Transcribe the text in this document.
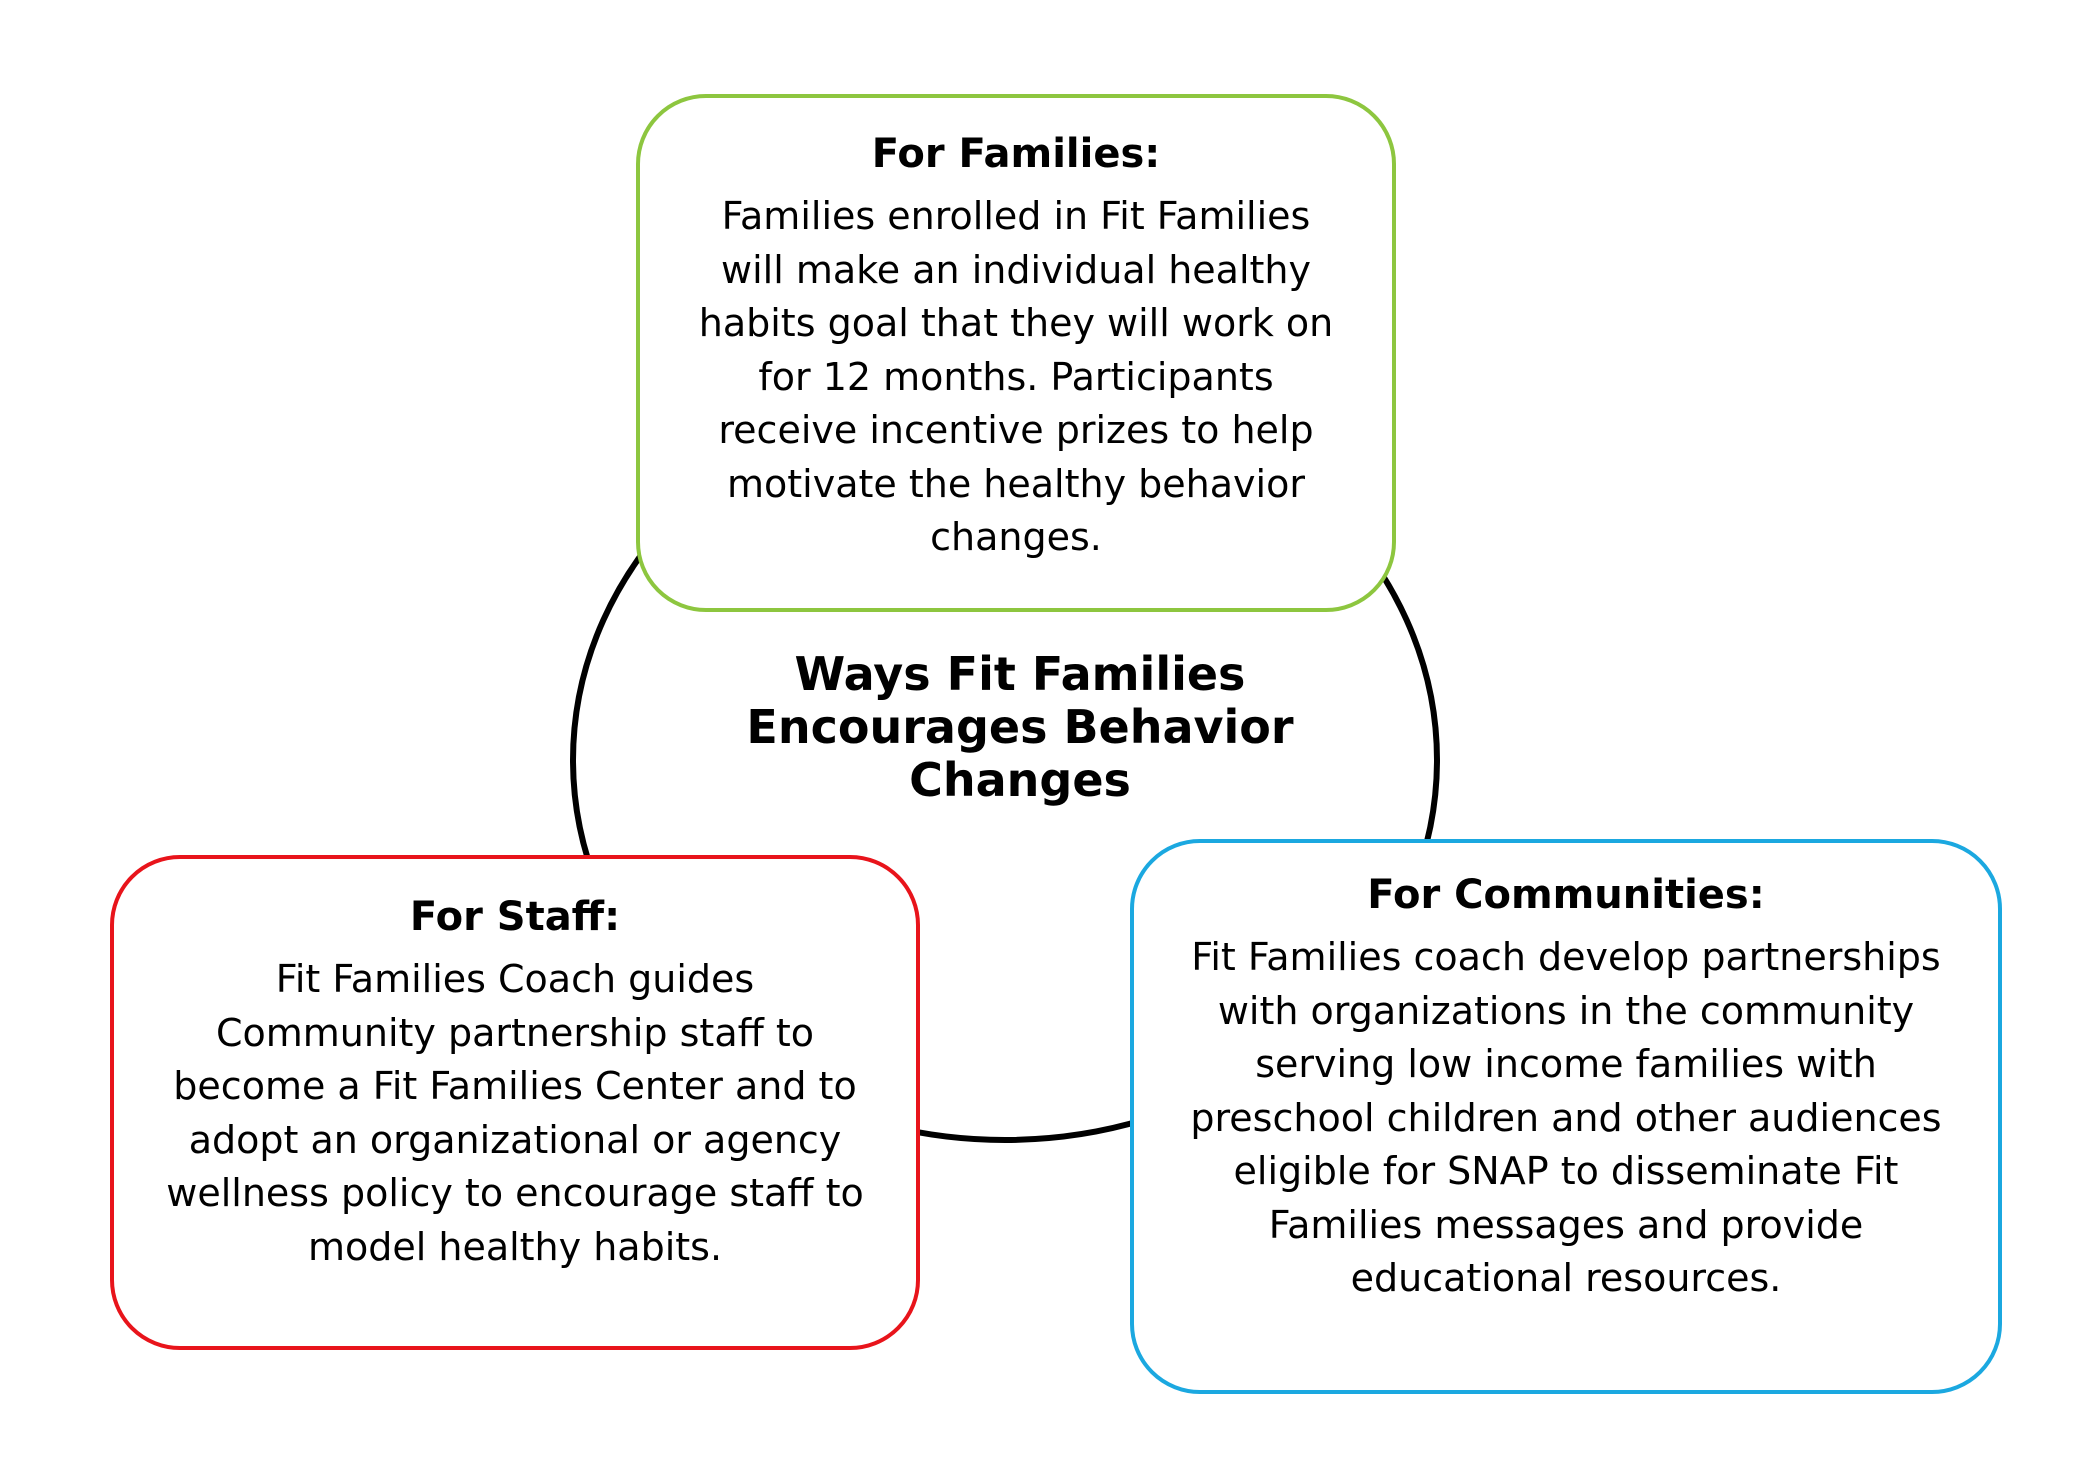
Ways Fit Families Encourages Behavior Changes
For Families:

Families enrolled in Fit Families will make an individual healthy habits goal that they will work on for 12 months. Participants receive incentive prizes to help motivate the healthy behavior changes.

For Staff:

Fit Families Coach guides Community partnership staff to become a Fit Families Center and to adopt an organizational or agency wellness policy to encourage staff to model healthy habits.

For Communities:

Fit Families coach develop partnerships with organizations in the community serving low income families with preschool children and other audiences eligible for SNAP to disseminate Fit Families messages and provide educational resources.
